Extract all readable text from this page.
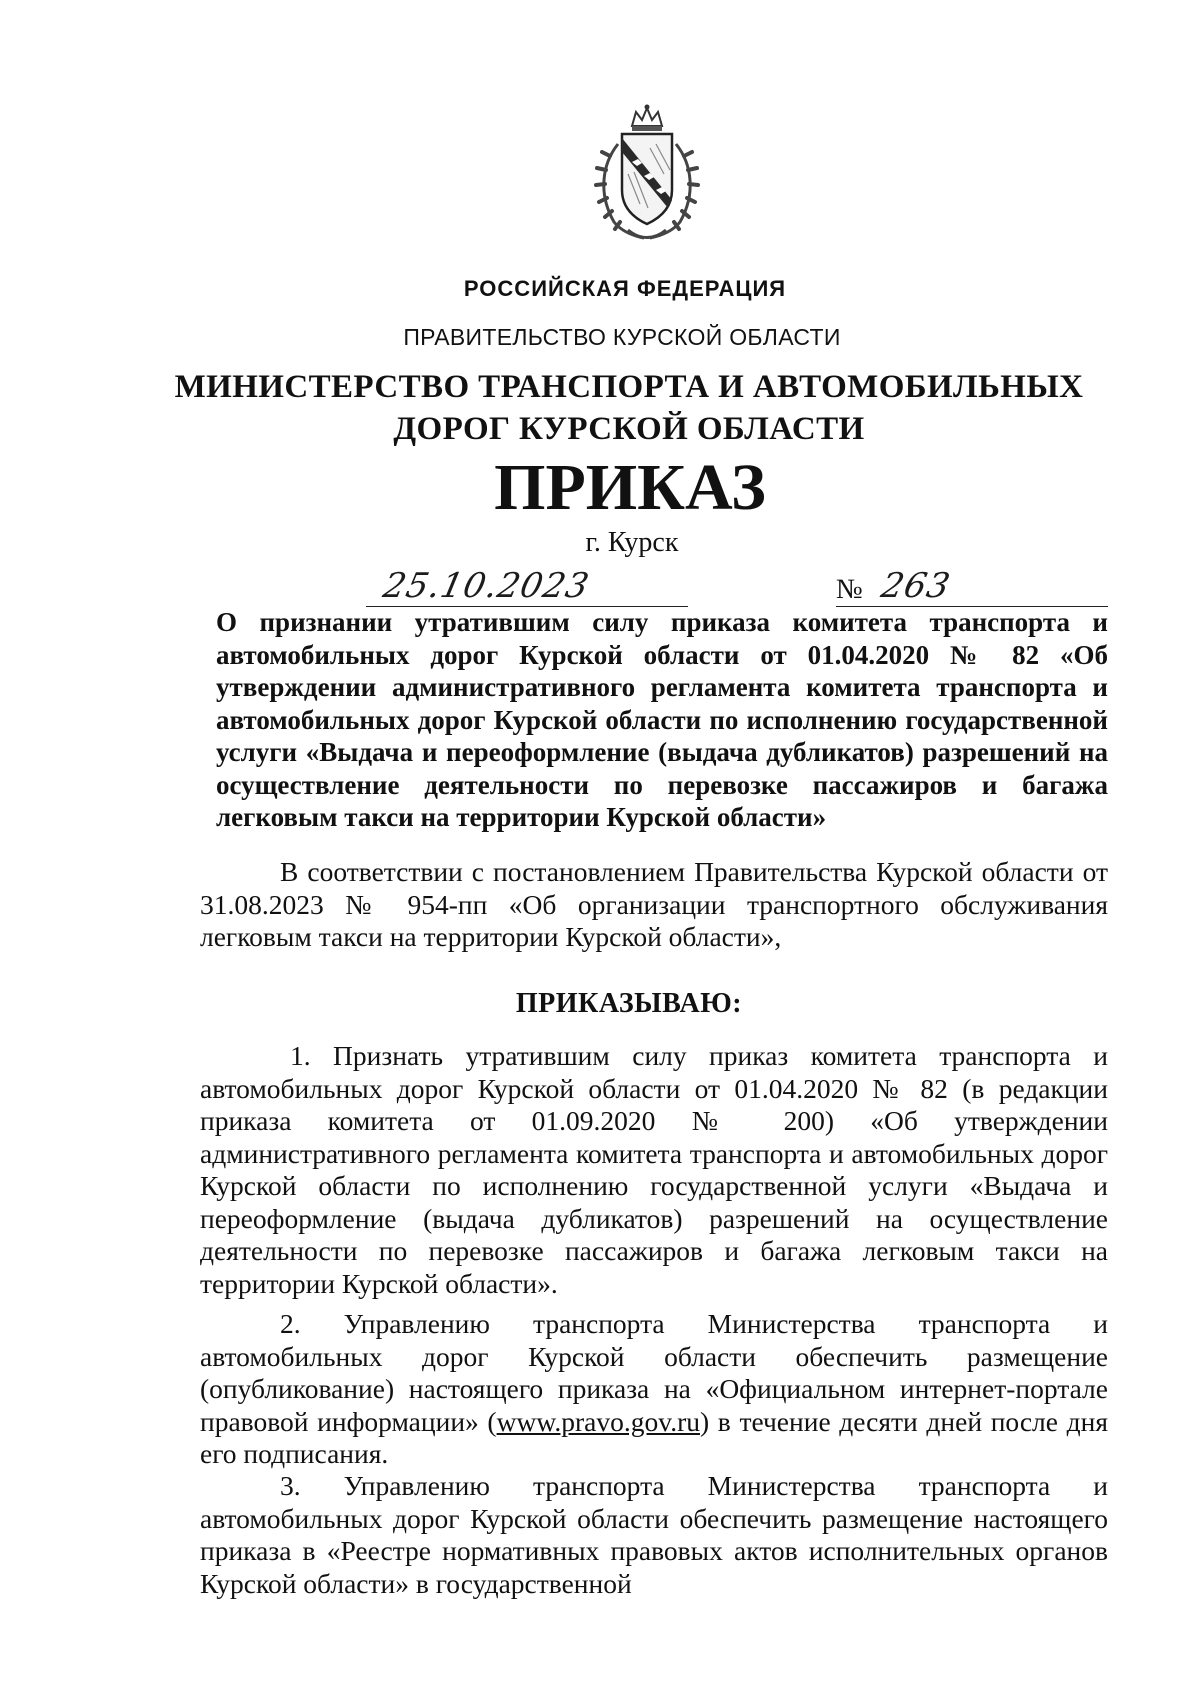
РОССИЙСКАЯ ФЕДЕРАЦИЯ
ПРАВИТЕЛЬСТВО КУРСКОЙ ОБЛАСТИ
МИНИСТЕРСТВО ТРАНСПОРТА И АВТОМОБИЛЬНЫХ
ДОРОГ КУРСКОЙ ОБЛАСТИ
ПРИКАЗ
г. Курск
25.10.2023	№ 263
О признании утратившим силу приказа комитета транспорта и автомобильных дорог Курской области от 01.04.2020 № 82 «Об утверждении административного регламента комитета транспорта и автомобильных дорог Курской области по исполнению государственной услуги «Выдача и переоформление (выдача дубликатов) разрешений на осуществление деятельности по перевозке пассажиров и багажа легковым такси на территории Курской области»
В соответствии с постановлением Правительства Курской области от 31.08.2023 № 954-пп «Об организации транспортного обслуживания легковым такси на территории Курской области»,
ПРИКАЗЫВАЮ:
1. Признать утратившим силу приказ комитета транспорта и автомобильных дорог Курской области от 01.04.2020 № 82 (в редакции приказа комитета от 01.09.2020 № 200) «Об утверждении административного регламента комитета транспорта и автомобильных дорог Курской области по исполнению государственной услуги «Выдача и переоформление (выдача дубликатов) разрешений на осуществление деятельности по перевозке пассажиров и багажа легковым такси на территории Курской области».
2. Управлению транспорта Министерства транспорта и автомобильных дорог Курской области обеспечить размещение (опубликование) настоящего приказа на «Официальном интернет-портале правовой информации» (www.pravo.gov.ru) в течение десяти дней после дня его подписания.
3. Управлению транспорта Министерства транспорта и автомобильных дорог Курской области обеспечить размещение настоящего приказа в «Реестре нормативных правовых актов исполнительных органов Курской области» в государственной
